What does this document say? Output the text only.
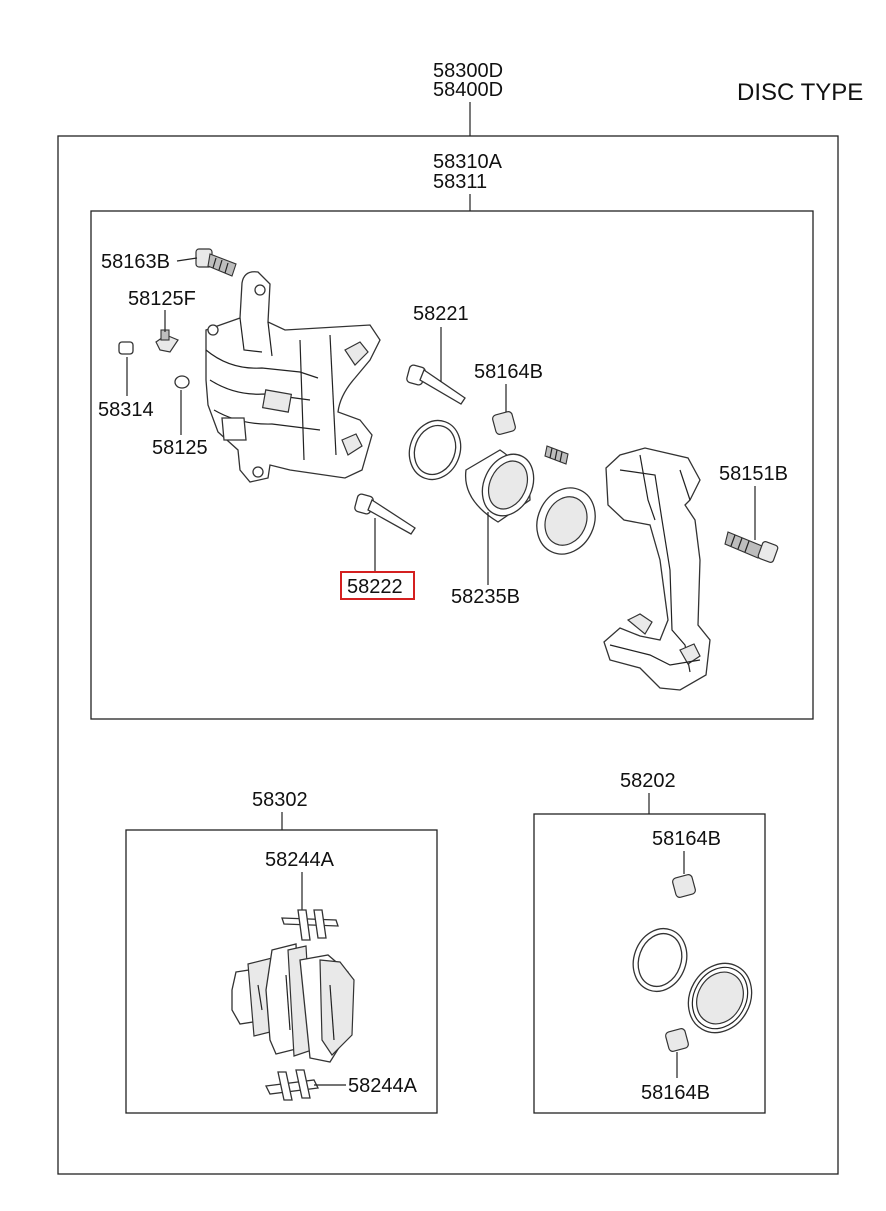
DISC TYPE
58300D
58400D
58310A
58311
58163B
58125F
58314
58125
58221
58164B
58235B
58222
58151B
58302
58244A
58244A
58202
58164B
58164B
